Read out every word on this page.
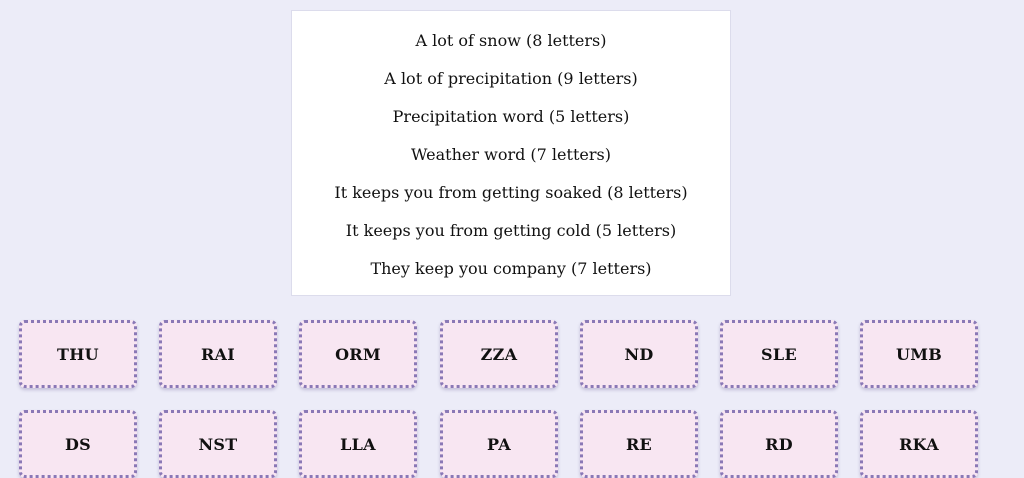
A lot of snow (8 letters)
A lot of precipitation (9 letters)
Precipitation word (5 letters)
Weather word (7 letters)
It keeps you from getting soaked (8 letters)
It keeps you from getting cold (5 letters)
They keep you company (7 letters)
THU	RAI	ORM	ZZA	ND	SLE	UMB
DS	NST	LLA	PA	RE	RD	RKA
